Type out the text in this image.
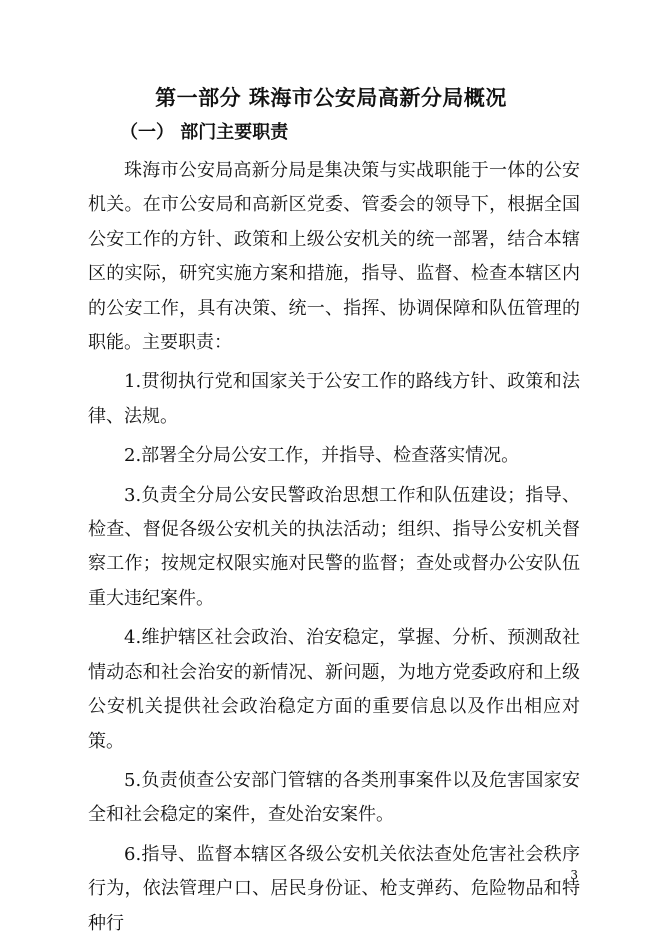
第一部分 珠海市公安局高新分局概况
（一） 部门主要职责

珠海市公安局高新分局是集决策与实战职能于一体的公安机关。在市公安局和高新区党委、管委会的领导下，根据全国公安工作的方针、政策和上级公安机关的统一部署，结合本辖区的实际，研究实施方案和措施，指导、监督、检查本辖区内的公安工作，具有决策、统一、指挥、协调保障和队伍管理的职能。主要职责：

1.贯彻执行党和国家关于公安工作的路线方针、政策和法律、法规。

2.部署全分局公安工作，并指导、检查落实情况。

3.负责全分局公安民警政治思想工作和队伍建设；指导、检查、督促各级公安机关的执法活动；组织、指导公安机关督察工作；按规定权限实施对民警的监督；查处或督办公安队伍重大违纪案件。

4.维护辖区社会政治、治安稳定，掌握、分析、预测敌社情动态和社会治安的新情况、新问题，为地方党委政府和上级公安机关提供社会政治稳定方面的重要信息以及作出相应对策。

5.负责侦查公安部门管辖的各类刑事案件以及危害国家安全和社会稳定的案件，查处治安案件。

6.指导、监督本辖区各级公安机关依法查处危害社会秩序行为，依法管理户口、居民身份证、枪支弹药、危险物品和特种行

3
